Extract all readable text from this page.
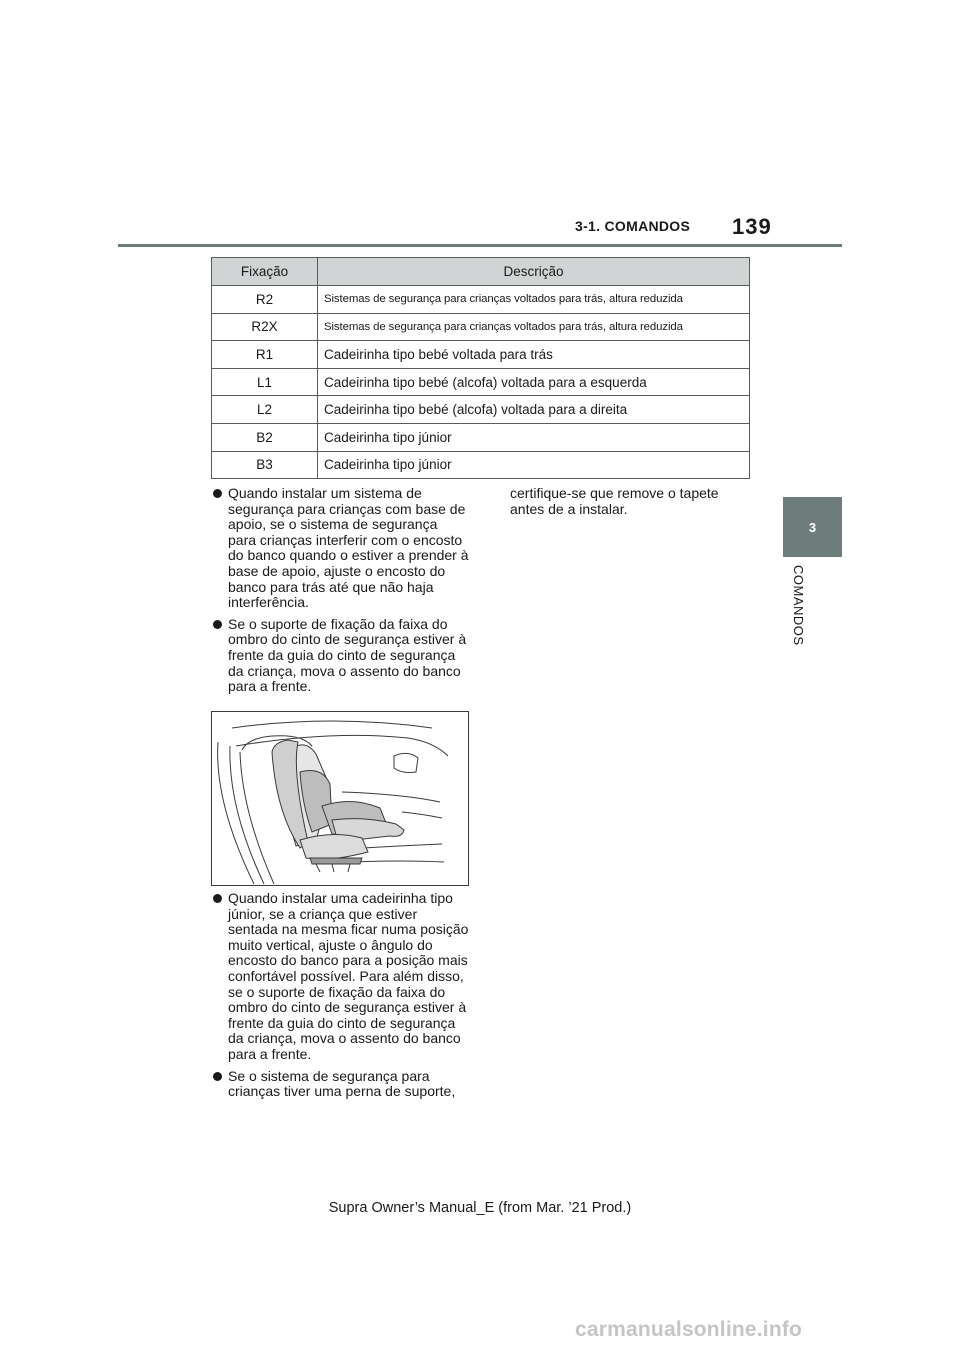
3-1. COMANDOS 139
3
COMANDOS
Fixação	Descrição
R2	Sistemas de segurança para crianças voltados para trás, altura reduzida
R2X	Sistemas de segurança para crianças voltados para trás, altura reduzida
R1	Cadeirinha tipo bebé voltada para trás
L1	Cadeirinha tipo bebé (alcofa) voltada para a esquerda
L2	Cadeirinha tipo bebé (alcofa) voltada para a direita
B2	Cadeirinha tipo júnior
B3	Cadeirinha tipo júnior

Quando instalar um sistema de segurança para crianças com base de apoio, se o sistema de segurança para crianças interferir com o encosto do banco quando o estiver a prender à base de apoio, ajuste o encosto do banco para trás até que não haja interferência.

Se o suporte de fixação da faixa do ombro do cinto de segurança estiver à frente da guia do cinto de segurança da criança, mova o assento do banco para a frente.

Quando instalar uma cadeirinha tipo júnior, se a criança que estiver sentada na mesma ficar numa posição muito vertical, ajuste o ângulo do encosto do banco para a posição mais confortável possível. Para além disso, se o suporte de fixação da faixa do ombro do cinto de segurança estiver à frente da guia do cinto de segurança da criança, mova o assento do banco para a frente.

Se o sistema de segurança para crianças tiver uma perna de suporte,

certifique-se que remove o tapete antes de a instalar.

Supra Owner’s Manual_E (from Mar. ’21 Prod.)
carmanualsonline.info
